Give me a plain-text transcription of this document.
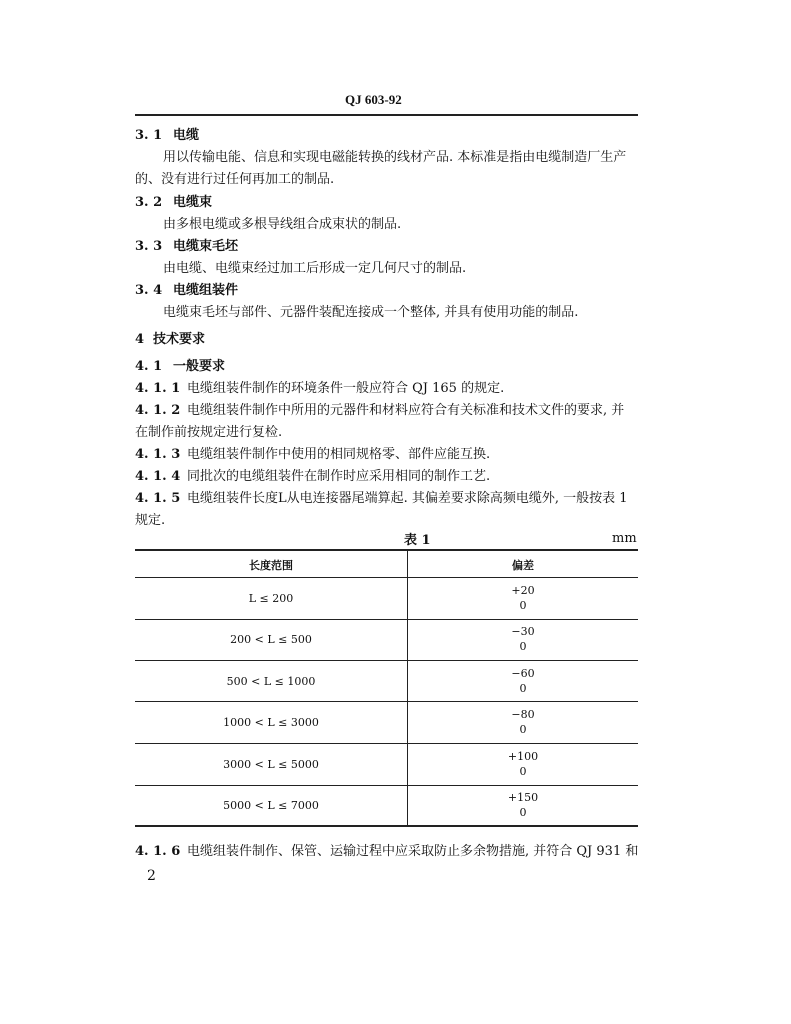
QJ 603-92
3. 1 电缆
用以传输电能、信息和实现电磁能转换的线材产品. 本标准是指由电缆制造厂生产
的、没有进行过任何再加工的制品.
3. 2 电缆束
由多根电缆或多根导线组合成束状的制品.
3. 3 电缆束毛坯
由电缆、电缆束经过加工后形成一定几何尺寸的制品.
3. 4 电缆组装件
电缆束毛坯与部件、元器件装配连接成一个整体, 并具有使用功能的制品.
4 技术要求
4. 1 一般要求
4. 1. 1 电缆组装件制作的环境条件一般应符合 QJ 165 的规定.
4. 1. 2 电缆组装件制作中所用的元器件和材料应符合有关标准和技术文件的要求, 并
在制作前按规定进行复检.
4. 1. 3 电缆组装件制作中使用的相同规格零、部件应能互换.
4. 1. 4 同批次的电缆组装件在制作时应采用相同的制作工艺.
4. 1. 5 电缆组装件长度L从电连接器尾端算起. 其偏差要求除高频电缆外, 一般按表 1
规定.
表 1	mm
长度范围	偏差
L ≤ 200
+20
0
200 < L ≤ 500
−30
0
500 < L ≤ 1000
−60
0
1000 < L ≤ 3000
−80
0
3000 < L ≤ 5000
+100
0
5000 < L ≤ 7000
+150
0
4. 1. 6 电缆组装件制作、保管、运输过程中应采取防止多余物措施, 并符合 QJ 931 和
2
